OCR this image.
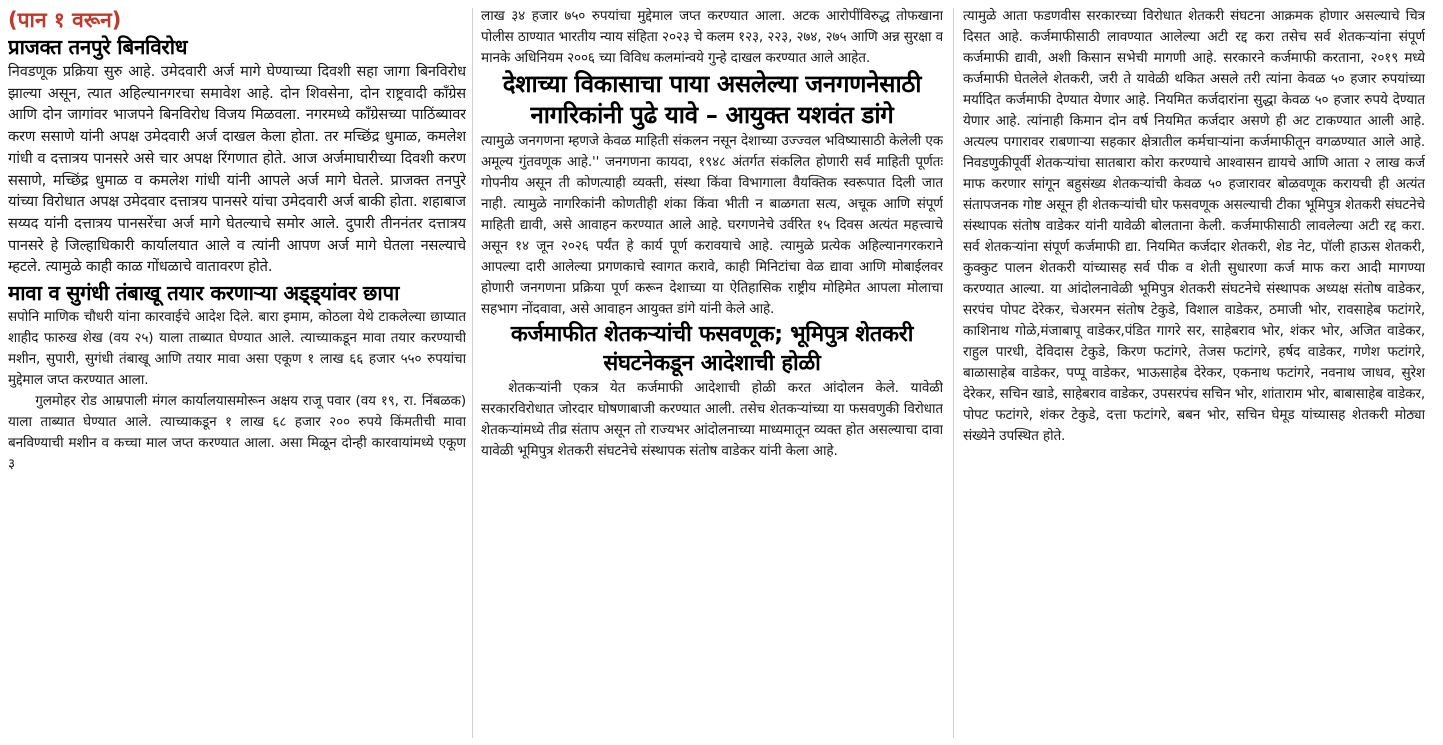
(पान १ वरून)
प्राजक्त तनपुरे बिनविरोध

निवडणूक प्रक्रिया सुरु आहे. उमेदवारी अर्ज मागे घेण्याच्या दिवशी सहा जागा बिनविरोध झाल्या असून, त्यात अहिल्यानगरचा समावेश आहे. दोन शिवसेना, दोन राष्ट्रवादी काँग्रेस आणि दोन जागांवर भाजपने बिनविरोध विजय मिळवला. नगरमध्ये काँग्रेसच्या पाठिंब्यावर करण ससाणे यांनी अपक्ष उमेदवारी अर्ज दाखल केला होता. तर मच्छिंद्र धुमाळ, कमलेश गांधी व दत्तात्रय पानसरे असे चार अपक्ष रिंगणात होते. आज अर्जमाघारीच्या दिवशी करण ससाणे, मच्छिंद्र धुमाळ व कमलेश गांधी यांनी आपले अर्ज मागे घेतले. प्राजक्त तनपुरे यांच्या विरोधात अपक्ष उमेदवार दत्तात्रय पानसरे यांचा उमेदवारी अर्ज बाकी होता. शहाबाज सय्यद यांनी दत्तात्रय पानसरेंचा अर्ज मागे घेतल्याचे समोर आले. दुपारी तीननंतर दत्तात्रय पानसरे हे जिल्हाधिकारी कार्यालयात आले व त्यांनी आपण अर्ज मागे घेतला नसल्याचे म्हटले. त्यामुळे काही काळ गोंधळाचे वातावरण होते.

मावा व सुगंधी तंबाखू तयार करणाऱ्या अड्ड्यांवर छापा

सपोनि माणिक चौधरी यांना कारवाईचे आदेश दिले. बारा इमाम, कोठला येथे टाकलेल्या छाप्यात शाहीद फारुख शेख (वय २५) याला ताब्यात घेण्यात आले. त्याच्याकडून मावा तयार करण्याची मशीन, सुपारी, सुगंधी तंबाखू आणि तयार मावा असा एकूण १ लाख ६६ हजार ५५० रुपयांचा मुद्देमाल जप्त करण्यात आला.

गुलमोहर रोड आम्रपाली मंगल कार्यालयासमोरून अक्षय राजू पवार (वय १९, रा. निंबळक) याला ताब्यात घेण्यात आले. त्याच्याकडून १ लाख ६८ हजार २०० रुपये किंमतीची मावा बनविण्याची मशीन व कच्चा माल जप्त करण्यात आला. असा मिळून दोन्ही कारवायांमध्ये एकूण ३

लाख ३४ हजार ७५० रुपयांचा मुद्देमाल जप्त करण्यात आला. अटक आरोपींविरुद्ध तोफखाना पोलीस ठाण्यात भारतीय न्याय संहिता २०२३ चे कलम १२३, २२३, २७४, २७५ आणि अन्न सुरक्षा व मानके अधिनियम २००६ च्या विविध कलमांन्वये गुन्हे दाखल करण्यात आले आहेत.

देशाच्या विकासाचा पाया असलेल्या जनगणनेसाठी नागरिकांनी पुढे यावे – आयुक्त यशवंत डांगे

त्यामुळे जनगणना म्हणजे केवळ माहिती संकलन नसून देशाच्या उज्ज्वल भविष्यासाठी केलेली एक अमूल्य गुंतवणूक आहे.'' जनगणना कायदा, १९४८ अंतर्गत संकलित होणारी सर्व माहिती पूर्णतः गोपनीय असून ती कोणत्याही व्यक्ती, संस्था किंवा विभागाला वैयक्तिक स्वरूपात दिली जात नाही. त्यामुळे नागरिकांनी कोणतीही शंका किंवा भीती न बाळगता सत्य, अचूक आणि संपूर्ण माहिती द्यावी, असे आवाहन करण्यात आले आहे. घरगणनेचे उर्वरित १५ दिवस अत्यंत महत्त्वाचे असून १४ जून २०२६ पर्यंत हे कार्य पूर्ण करावयाचे आहे. त्यामुळे प्रत्येक अहिल्यानगरकराने आपल्या दारी आलेल्या प्रगणकाचे स्वागत करावे, काही मिनिटांचा वेळ द्यावा आणि मोबाईलवर होणारी जनगणना प्रक्रिया पूर्ण करून देशाच्या या ऐतिहासिक राष्ट्रीय मोहिमेत आपला मोलाचा सहभाग नोंदवावा, असे आवाहन आयुक्त डांगे यांनी केले आहे.

कर्जमाफीत शेतकऱ्यांची फसवणूक; भूमिपुत्र शेतकरी संघटनेकडून आदेशाची होळी

शेतकऱ्यांनी एकत्र येत कर्जमाफी आदेशाची होळी करत आंदोलन केले. यावेळी सरकारविरोधात जोरदार घोषणाबाजी करण्यात आली. तसेच शेतकऱ्यांच्या या फसवणुकी विरोधात शेतकऱ्यांमध्ये तीव्र संताप असून तो राज्यभर आंदोलनाच्या माध्यमातून व्यक्त होत असल्याचा दावा यावेळी भूमिपुत्र शेतकरी संघटनेचे संस्थापक संतोष वाडेकर यांनी केला आहे.

त्यामुळे आता फडणवीस सरकारच्या विरोधात शेतकरी संघटना आक्रमक होणार असल्याचे चित्र दिसत आहे. कर्जमाफीसाठी लावण्यात आलेल्या अटी रद्द करा तसेच सर्व शेतकऱ्यांना संपूर्ण कर्जमाफी द्यावी, अशी किसान सभेची मागणी आहे. सरकारने कर्जमाफी करताना, २०१९ मध्ये कर्जमाफी घेतलेले शेतकरी, जरी ते यावेळी थकित असले तरी त्यांना केवळ ५० हजार रुपयांच्या मर्यादित कर्जमाफी देण्यात येणार आहे. नियमित कर्जदारांना सुद्धा केवळ ५० हजार रुपये देण्यात येणार आहे. त्यांनाही किमान दोन वर्ष नियमित कर्जदार असणे ही अट टाकण्यात आली आहे. अत्यल्प पगारावर राबणाऱ्या सहकार क्षेत्रातील कर्मचाऱ्यांना कर्जमाफीतून वगळण्यात आले आहे. निवडणुकीपूर्वी शेतकऱ्यांचा सातबारा कोरा करण्याचे आश्वासन द्यायचे आणि आता २ लाख कर्ज माफ करणार सांगून बहुसंख्य शेतकऱ्यांची केवळ ५० हजारावर बोळवणूक करायची ही अत्यंत संतापजनक गोष्ट असून ही शेतकऱ्यांची घोर फसवणूक असल्याची टीका भूमिपुत्र शेतकरी संघटनेचे संस्थापक संतोष वाडेकर यांनी यावेळी बोलताना केली. कर्जमाफीसाठी लावलेल्या अटी रद्द करा. सर्व शेतकऱ्यांना संपूर्ण कर्जमाफी द्या. नियमित कर्जदार शेतकरी, शेड नेट, पॉली हाऊस शेतकरी, कुक्कुट पालन शेतकरी यांच्यासह सर्व पीक व शेती सुधारणा कर्ज माफ करा आदी मागण्या करण्यात आल्या. या आंदोलनावेळी भूमिपुत्र शेतकरी संघटनेचे संस्थापक अध्यक्ष संतोष वाडेकर, सरपंच पोपट देरेकर, चेअरमन संतोष टेकुडे, विशाल वाडेकर, ठमाजी भोर, रावसाहेब फटांगरे, काशिनाथ गोळे,मंजाबापू वाडेकर,पंडित गागरे सर, साहेबराव भोर, शंकर भोर, अजित वाडेकर, राहुल पारधी, देविदास टेकुडे, किरण फटांगरे, तेजस फटांगरे, हर्षद वाडेकर, गणेश फटांगरे, बाळासाहेब वाडेकर, पप्पू वाडेकर, भाऊसाहेब देरेकर, एकनाथ फटांगरे, नवनाथ जाधव, सुरेश देरेकर, सचिन खाडे, साहेबराव वाडेकर, उपसरपंच सचिन भोर, शांताराम भोर, बाबासाहेब वाडेकर, पोपट फटांगरे, शंकर टेकुडे, दत्ता फटांगरे, बबन भोर, सचिन घेमूड यांच्यासह शेतकरी मोठ्या संख्येने उपस्थित होते.
